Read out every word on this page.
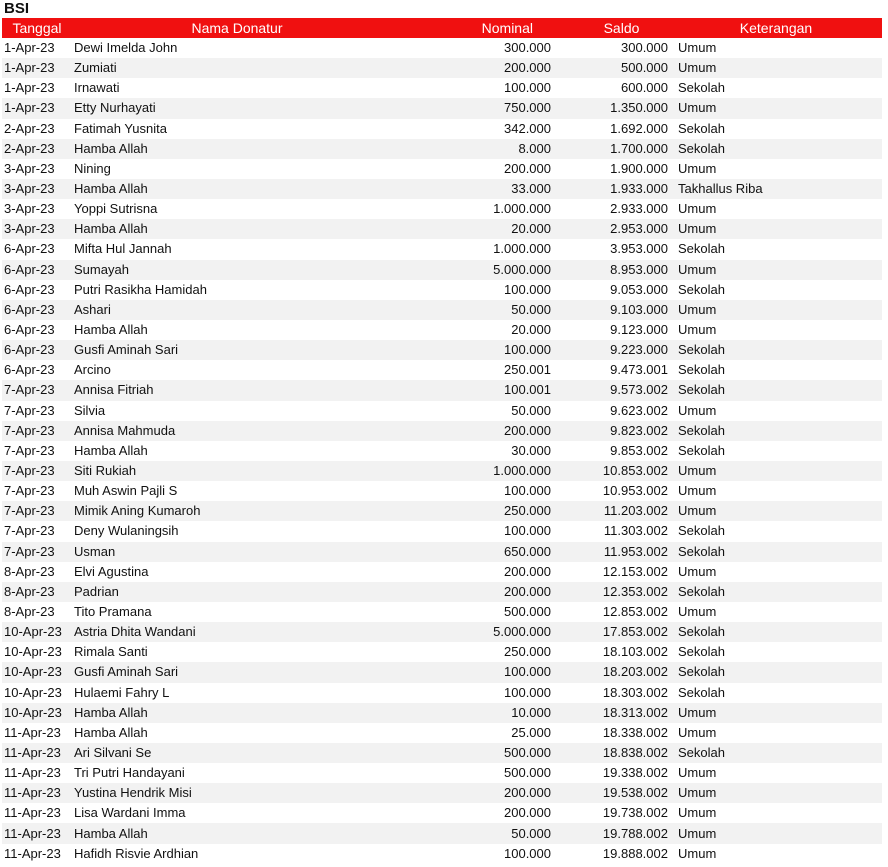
BSI
Tanggal	Nama Donatur	Nominal	Saldo	Keterangan
1-Apr-23	Dewi Imelda John	300.000	300.000	Umum
1-Apr-23	Zumiati	200.000	500.000	Umum
1-Apr-23	Irnawati	100.000	600.000	Sekolah
1-Apr-23	Etty Nurhayati	750.000	1.350.000	Umum
2-Apr-23	Fatimah Yusnita	342.000	1.692.000	Sekolah
2-Apr-23	Hamba Allah	8.000	1.700.000	Sekolah
3-Apr-23	Nining	200.000	1.900.000	Umum
3-Apr-23	Hamba Allah	33.000	1.933.000	Takhallus Riba
3-Apr-23	Yoppi Sutrisna	1.000.000	2.933.000	Umum
3-Apr-23	Hamba Allah	20.000	2.953.000	Umum
6-Apr-23	Mifta Hul Jannah	1.000.000	3.953.000	Sekolah
6-Apr-23	Sumayah	5.000.000	8.953.000	Umum
6-Apr-23	Putri Rasikha Hamidah	100.000	9.053.000	Sekolah
6-Apr-23	Ashari	50.000	9.103.000	Umum
6-Apr-23	Hamba Allah	20.000	9.123.000	Umum
6-Apr-23	Gusfi Aminah Sari	100.000	9.223.000	Sekolah
6-Apr-23	Arcino	250.001	9.473.001	Sekolah
7-Apr-23	Annisa Fitriah	100.001	9.573.002	Sekolah
7-Apr-23	Silvia	50.000	9.623.002	Umum
7-Apr-23	Annisa Mahmuda	200.000	9.823.002	Sekolah
7-Apr-23	Hamba Allah	30.000	9.853.002	Sekolah
7-Apr-23	Siti Rukiah	1.000.000	10.853.002	Umum
7-Apr-23	Muh Aswin Pajli S	100.000	10.953.002	Umum
7-Apr-23	Mimik Aning Kumaroh	250.000	11.203.002	Umum
7-Apr-23	Deny Wulaningsih	100.000	11.303.002	Sekolah
7-Apr-23	Usman	650.000	11.953.002	Sekolah
8-Apr-23	Elvi Agustina	200.000	12.153.002	Umum
8-Apr-23	Padrian	200.000	12.353.002	Sekolah
8-Apr-23	Tito Pramana	500.000	12.853.002	Umum
10-Apr-23	Astria Dhita Wandani	5.000.000	17.853.002	Sekolah
10-Apr-23	Rimala Santi	250.000	18.103.002	Sekolah
10-Apr-23	Gusfi Aminah Sari	100.000	18.203.002	Sekolah
10-Apr-23	Hulaemi Fahry L	100.000	18.303.002	Sekolah
10-Apr-23	Hamba Allah	10.000	18.313.002	Umum
11-Apr-23	Hamba Allah	25.000	18.338.002	Umum
11-Apr-23	Ari Silvani Se	500.000	18.838.002	Sekolah
11-Apr-23	Tri Putri Handayani	500.000	19.338.002	Umum
11-Apr-23	Yustina Hendrik Misi	200.000	19.538.002	Umum
11-Apr-23	Lisa Wardani Imma	200.000	19.738.002	Umum
11-Apr-23	Hamba Allah	50.000	19.788.002	Umum
11-Apr-23	Hafidh Risvie Ardhian	100.000	19.888.002	Umum
